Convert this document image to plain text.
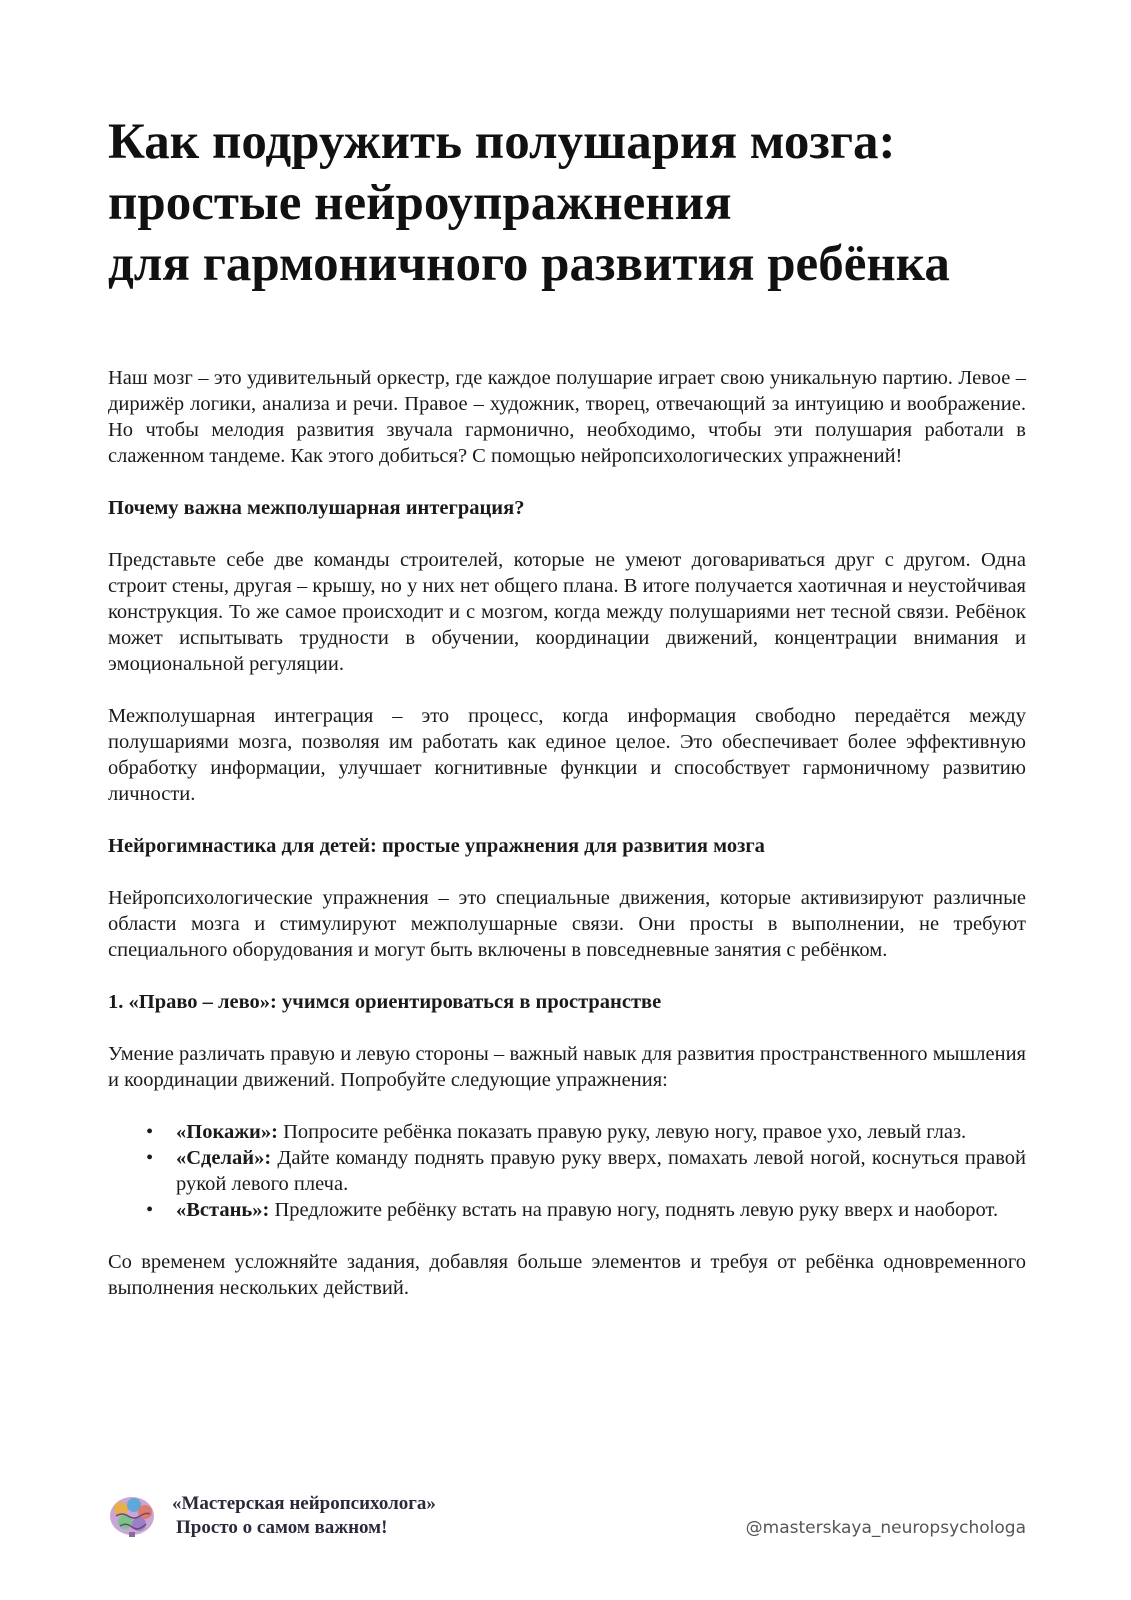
Как подружить полушария мозга:
простые нейроупражнения
для гармоничного развития ребёнка

Наш мозг – это удивительный оркестр, где каждое полушарие играет свою уникальную партию. Левое – дирижёр логики, анализа и речи. Правое – художник, творец, отвечающий за интуицию и воображение. Но чтобы мелодия развития звучала гармонично, необходимо, чтобы эти полушария работали в слаженном тандеме. Как этого добиться? С помощью нейропсихологических упражнений!

Почему важна межполушарная интеграция?

Представьте себе две команды строителей, которые не умеют договариваться друг с другом. Одна строит стены, другая – крышу, но у них нет общего плана. В итоге получается хаотичная и неустойчивая конструкция. То же самое происходит и с мозгом, когда между полушариями нет тесной связи. Ребёнок может испытывать трудности в обучении, координации движений, концентрации внимания и эмоциональной регуляции.

Межполушарная интеграция – это процесс, когда информация свободно передаётся между полушариями мозга, позволяя им работать как единое целое. Это обеспечивает более эффективную обработку информации, улучшает когнитивные функции и способствует гармоничному развитию личности.

Нейрогимнастика для детей: простые упражнения для развития мозга

Нейропсихологические упражнения – это специальные движения, которые активизируют различные области мозга и стимулируют межполушарные связи. Они просты в выполнении, не требуют специального оборудования и могут быть включены в повседневные занятия с ребёнком.

1. «Право – лево»: учимся ориентироваться в пространстве

Умение различать правую и левую стороны – важный навык для развития пространственного мышления и координации движений. Попробуйте следующие упражнения:

• «Покажи»: Попросите ребёнка показать правую руку, левую ногу, правое ухо, левый глаз.
• «Сделай»: Дайте команду поднять правую руку вверх, помахать левой ногой, коснуться правой рукой левого плеча.
• «Встань»: Предложите ребёнку встать на правую ногу, поднять левую руку вверх и наоборот.

Со временем усложняйте задания, добавляя больше элементов и требуя от ребёнка одновременного выполнения нескольких действий.

«Мастерская нейропсихолога»
Просто о самом важном!	@masterskaya_neuropsychologa
